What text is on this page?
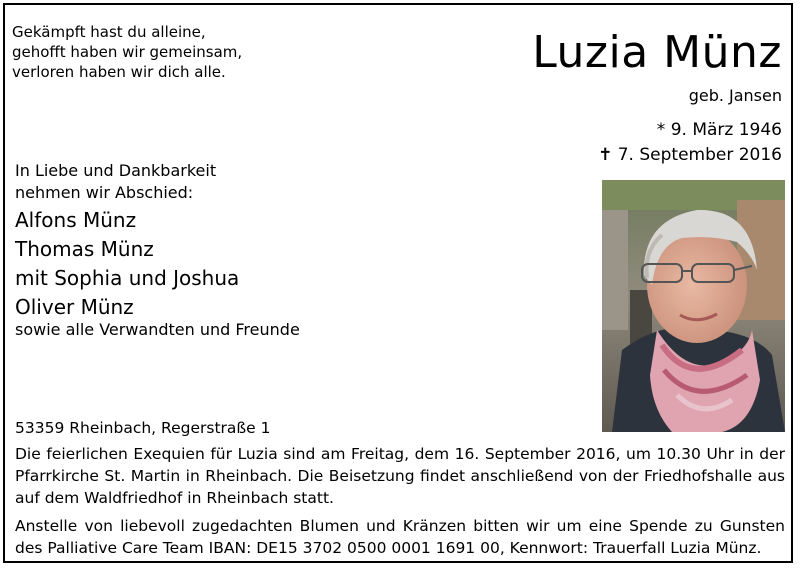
Gekämpft hast du alleine,
gehofft haben wir gemeinsam,
verloren haben wir dich alle.	Luzia Münz
geb. Jansen
* 9. März 1946
✝ 7. September 2016
In Liebe und Dankbarkeit
nehmen wir Abschied:
Alfons Münz
Thomas Münz
mit Sophia und Joshua
Oliver Münz
sowie alle Verwandten und Freunde
53359 Rheinbach, Regerstraße 1
Die feierlichen Exequien für Luzia sind am Freitag, dem 16. September 2016, um 10.30 Uhr in der Pfarrkirche St. Martin in Rheinbach. Die Beisetzung findet anschließend von der Friedhofshalle aus auf dem Waldfriedhof in Rheinbach statt.
Anstelle von liebevoll zugedachten Blumen und Kränzen bitten wir um eine Spende zu Gunsten des Palliative Care Team IBAN: DE15 3702 0500 0001 1691 00, Kennwort: Trauerfall Luzia Münz.
